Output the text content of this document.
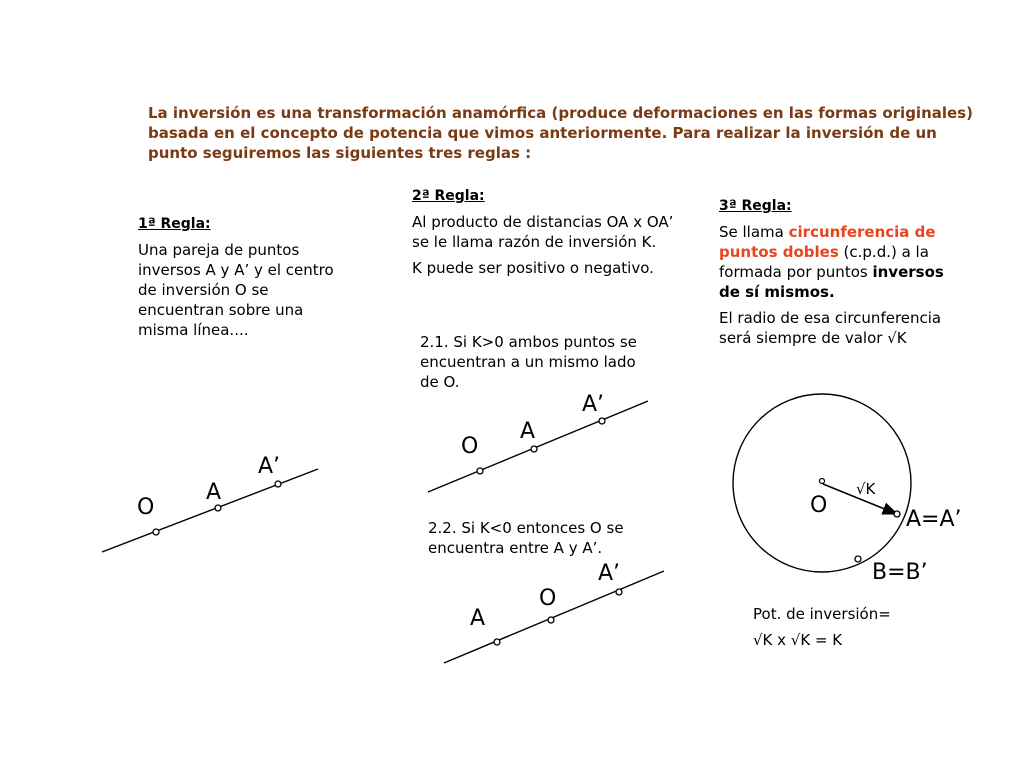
La inversión es una transformación anamórfica (produce deformaciones en las formas originales) basada en el concepto de potencia que vimos anteriormente. Para realizar la inversión de un punto seguiremos las siguientes tres reglas :
1ª Regla:
Una pareja de puntos inversos A y A’ y el centro de inversión O se encuentran sobre una misma línea....
2ª Regla:
Al producto de distancias OA x OA’ se le llama razón de inversión K.
K puede ser positivo o negativo.
2.1. Si K>0 ambos puntos se encuentran a un mismo lado de O.
2.2. Si K<0 entonces O se encuentra entre A y A’.
3ª Regla:
Se llama circunferencia de puntos dobles (c.p.d.) a la formada por puntos inversos de sí mismos.
El radio de esa circunferencia será siempre de valor √K
Pot. de inversión=
√K x √K = K
O
A
A’
O
A
A’
A
O
A’
O
√K
A=A’
B=B’
